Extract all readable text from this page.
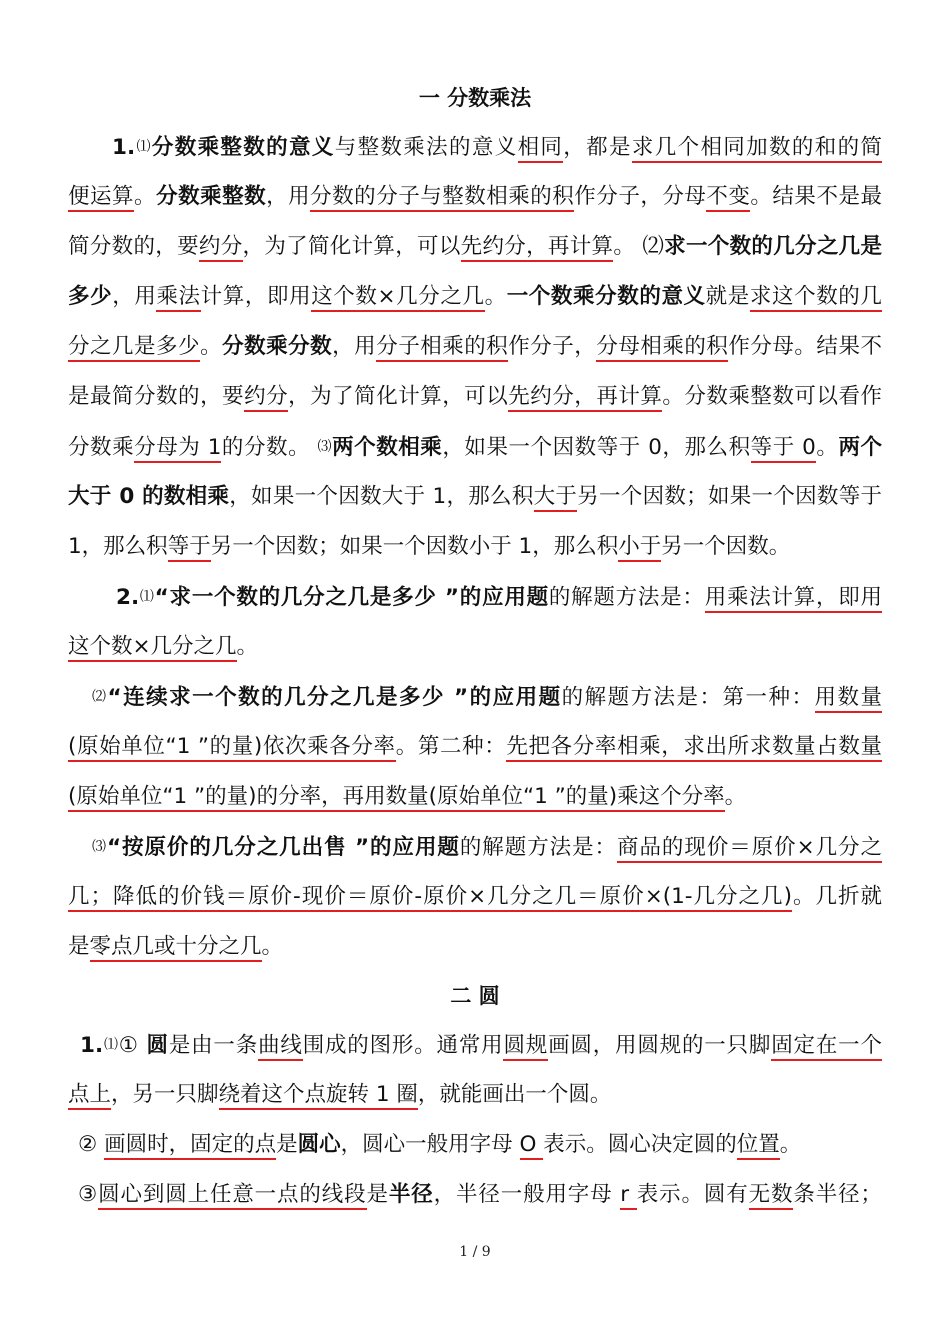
一 分数乘法
1.⑴分数乘整数的意义与整数乘法的意义相同，都是求几个相同加数的和的简
便运算。分数乘整数，用分数的分子与整数相乘的积作分子，分母不变。结果不是最
简分数的，要约分，为了简化计算，可以先约分，再计算。 ⑵求一个数的几分之几是
多少，用乘法计算，即用这个数×几分之几。一个数乘分数的意义就是求这个数的几
分之几是多少。分数乘分数，用分子相乘的积作分子，分母相乘的积作分母。结果不
是最简分数的，要约分，为了简化计算，可以先约分，再计算。分数乘整数可以看作
分数乘分母为 1的分数。 ⑶两个数相乘，如果一个因数等于 0，那么积等于 0。两个
大于 0 的数相乘，如果一个因数大于 1，那么积大于另一个因数；如果一个因数等于
1，那么积等于另一个因数；如果一个因数小于 1，那么积小于另一个因数。
2.⑴“求一个数的几分之几是多少 ”的应用题的解题方法是：用乘法计算，即用
这个数×几分之几。
⑵“连续求一个数的几分之几是多少 ”的应用题的解题方法是：第一种：用数量
(原始单位“1 ”的量)依次乘各分率。第二种：先把各分率相乘，求出所求数量占数量
(原始单位“1 ”的量)的分率，再用数量(原始单位“1 ”的量)乘这个分率。
⑶“按原价的几分之几出售 ”的应用题的解题方法是：商品的现价＝原价×几分之
几；降低的价钱＝原价-现价＝原价-原价×几分之几＝原价×(1-几分之几)。几折就
是零点几或十分之几。
二 圆
1.⑴① 圆是由一条曲线围成的图形。通常用圆规画圆，用圆规的一只脚固定在一个
点上，另一只脚绕着这个点旋转 1 圈，就能画出一个圆。
② 画圆时，固定的点是圆心，圆心一般用字母 O 表示。圆心决定圆的位置。
③圆心到圆上任意一点的线段是半径，半径一般用字母 r 表示。圆有无数条半径；
1 / 9
